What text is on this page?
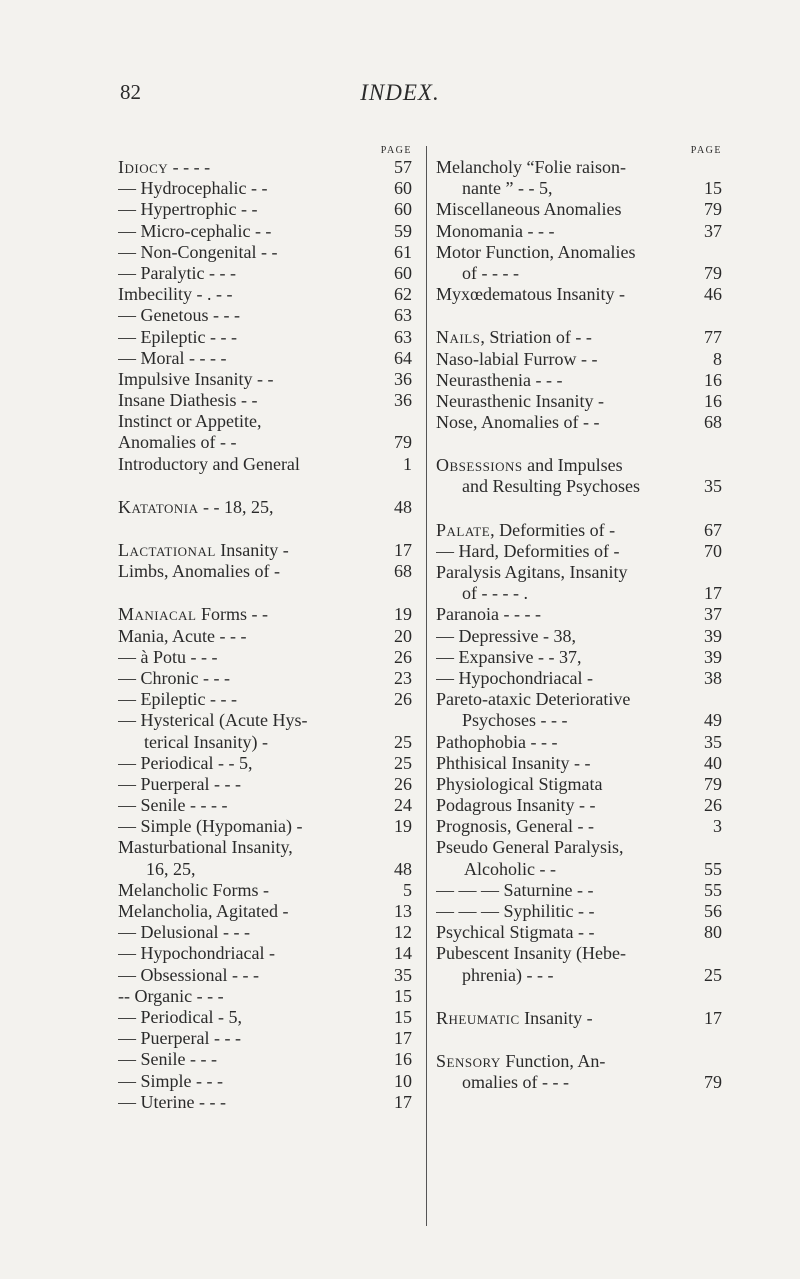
82	INDEX.
PAGE
Idiocy - - - -	57
— Hydrocephalic - -	60
— Hypertrophic - -	60
— Micro-cephalic - -	59
— Non-Congenital - -	61
— Paralytic - - -	60
Imbecility - . - -	62
— Genetous - - -	63
— Epileptic - - -	63
— Moral - - - -	64
Impulsive Insanity - -	36
Insane Diathesis - -	36
Instinct or Appetite,
Anomalies of - -	79
Introductory and General	1
Katatonia - - 18, 25,	48
Lactational Insanity -	17
Limbs, Anomalies of -	68
Maniacal Forms - -	19
Mania, Acute - - -	20
— à Potu - - -	26
— Chronic - - -	23
— Epileptic - - -	26
— Hysterical (Acute Hys-
terical Insanity) -	25
— Periodical - - 5,	25
— Puerperal - - -	26
— Senile - - - -	24
— Simple (Hypomania) -	19
Masturbational Insanity,
16, 25,	48
Melancholic Forms -	5
Melancholia, Agitated -	13
— Delusional - - -	12
— Hypochondriacal -	14
— Obsessional - - -	35
-- Organic - - -	15
— Periodical - 5,	15
— Puerperal - - -	17
— Senile - - -	16
— Simple - - -	10
— Uterine - - -	17
PAGE
Melancholy “Folie raison-
nante ” - - 5,	15
Miscellaneous Anomalies	79
Monomania - - -	37
Motor Function, Anomalies
of - - - -	79
Myxœdematous Insanity -	46
Nails, Striation of - -	77
Naso-labial Furrow - -	8
Neurasthenia - - -	16
Neurasthenic Insanity -	16
Nose, Anomalies of - -	68
Obsessions and Impulses
and Resulting Psychoses	35
Palate, Deformities of -	67
— Hard, Deformities of -	70
Paralysis Agitans, Insanity
of - - - - .	17
Paranoia - - - -	37
— Depressive - 38,	39
— Expansive - - 37,	39
— Hypochondriacal -	38
Pareto-ataxic Deteriorative
Psychoses - - -	49
Pathophobia - - -	35
Phthisical Insanity - -	40
Physiological Stigmata	79
Podagrous Insanity - -	26
Prognosis, General - -	3
Pseudo General Paralysis,
Alcoholic - -	55
— — — Saturnine - -	55
— — — Syphilitic - -	56
Psychical Stigmata - -	80
Pubescent Insanity (Hebe-
phrenia) - - -	25
Rheumatic Insanity -	17
Sensory Function, An-
omalies of - - -	79
